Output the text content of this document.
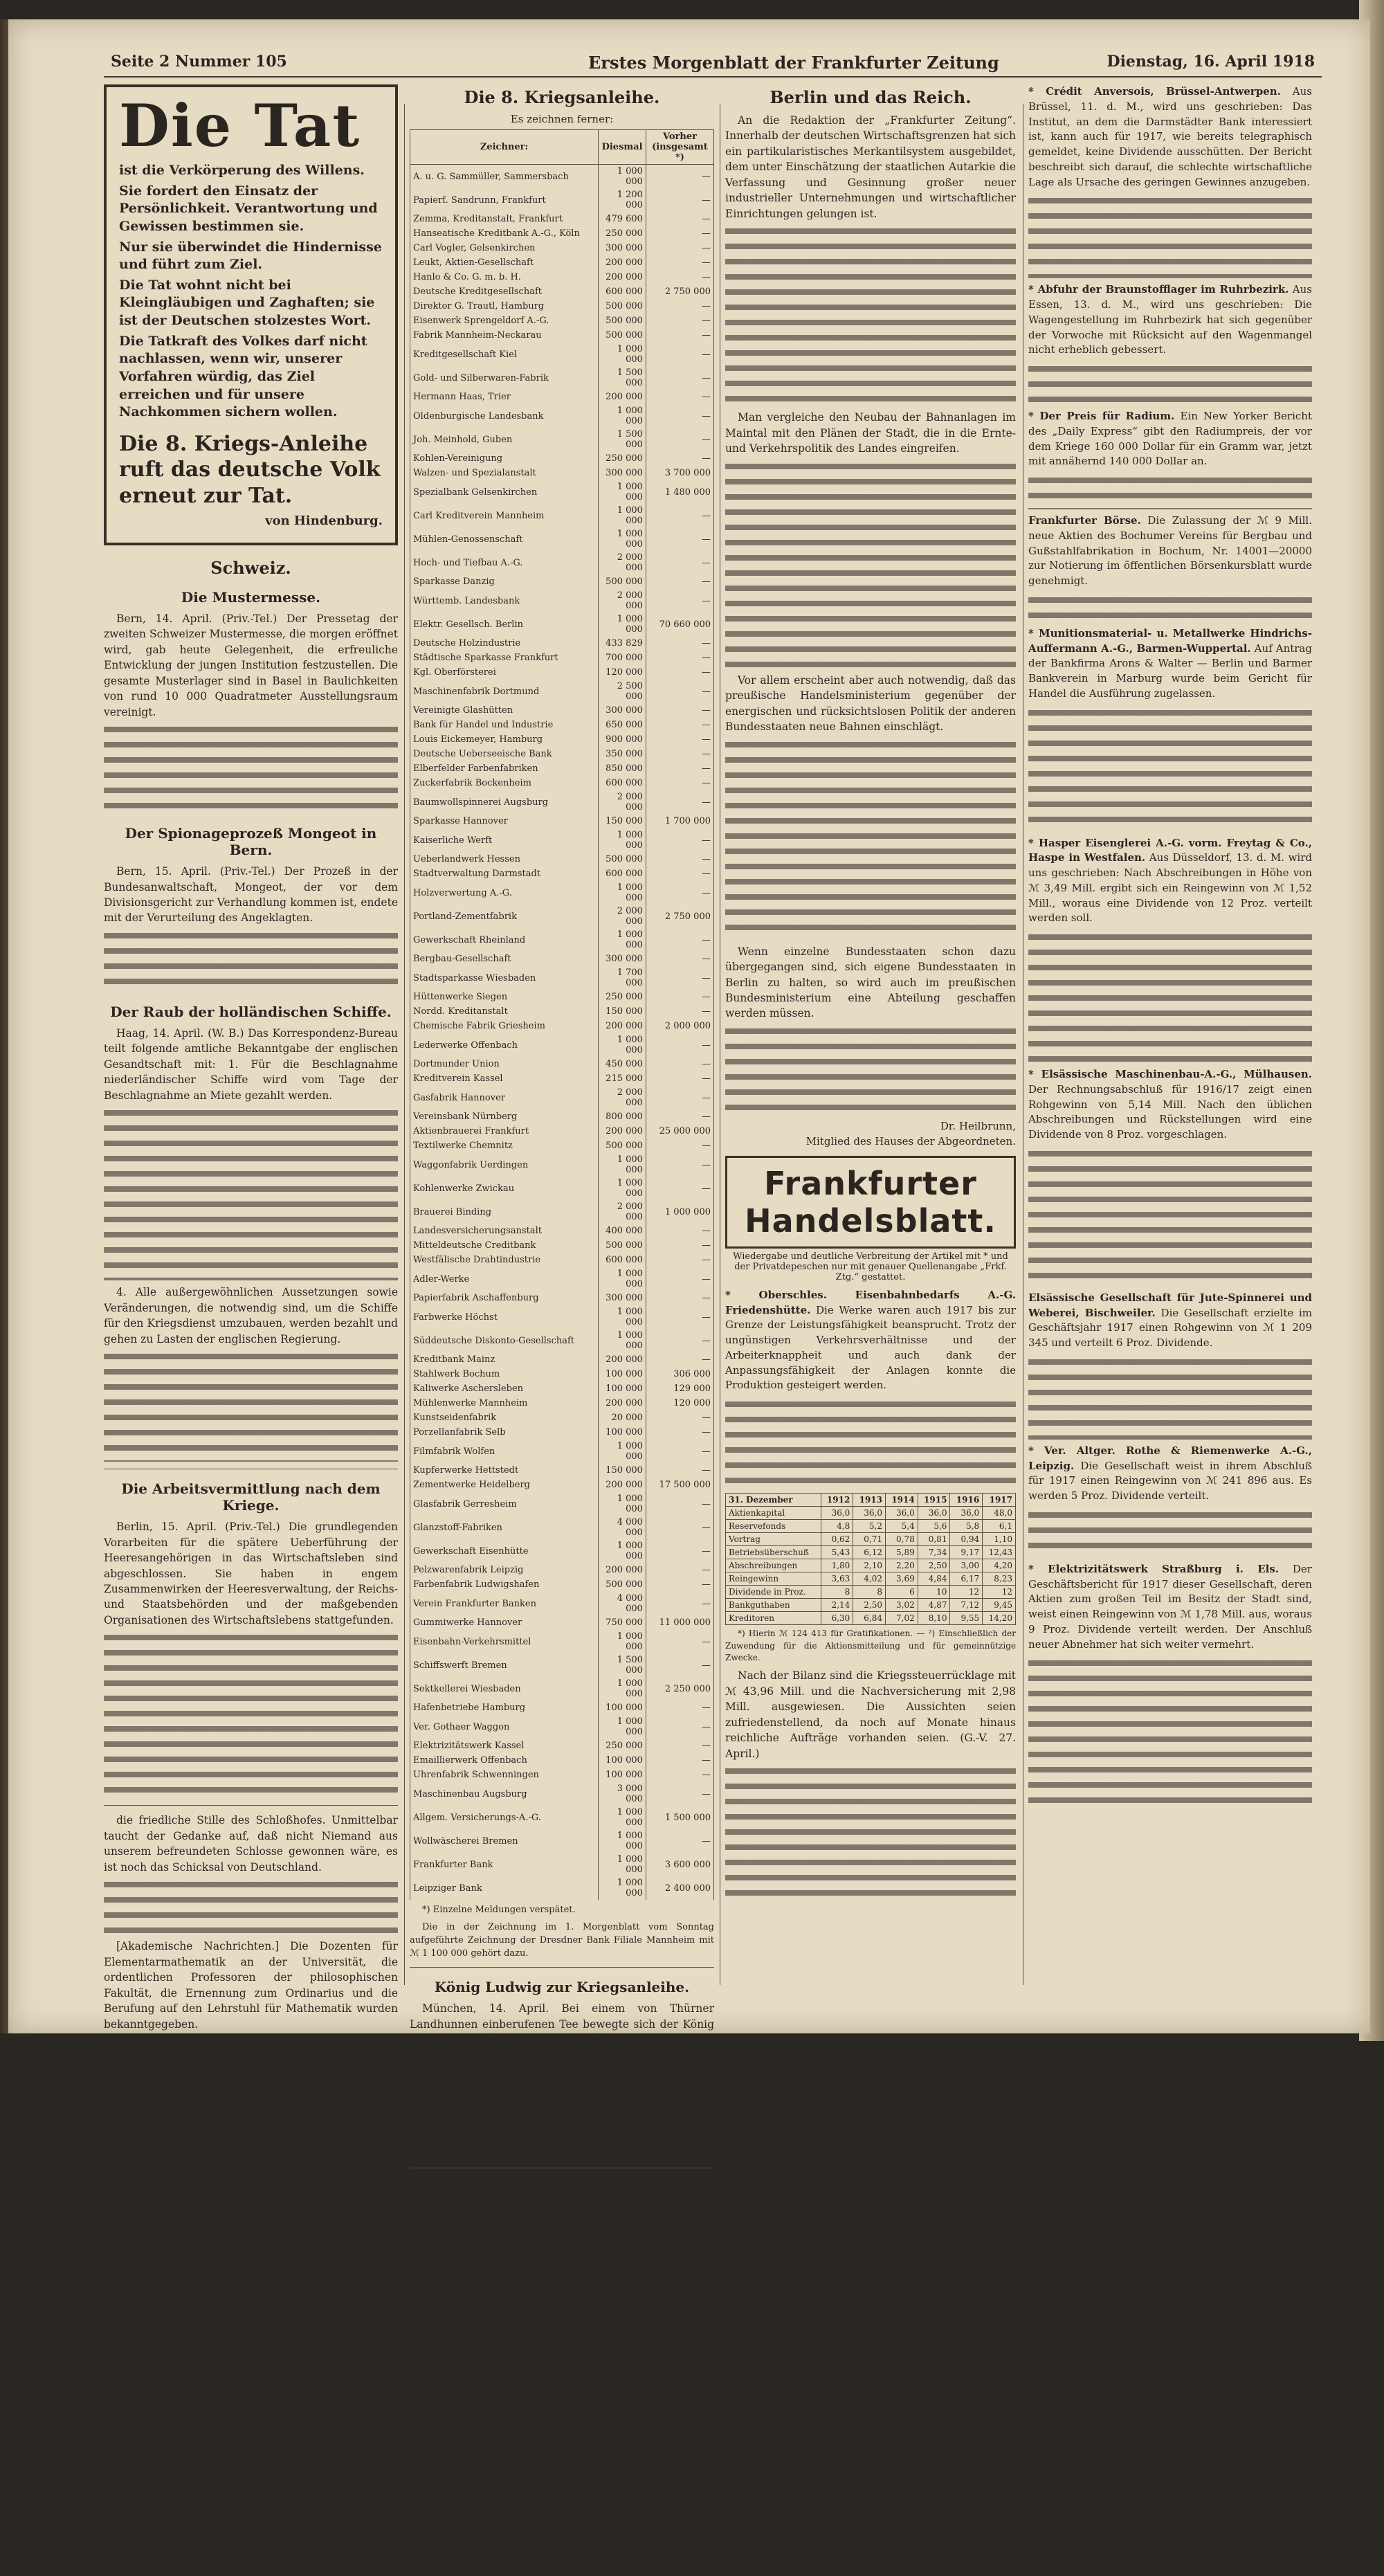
Seite 2 Nummer 105	Erstes Morgenblatt der Frankfurter Zeitung	Dienstag, 16. April 1918
Die Tat

ist die Verkörperung des Willens.

Sie fordert den Einsatz der Persönlichkeit. Verantwortung und Gewissen bestimmen sie.

Nur sie überwindet die Hindernisse und führt zum Ziel.

Die Tat wohnt nicht bei Kleingläubigen und Zaghaften; sie ist der Deutschen stolzestes Wort.

Die Tatkraft des Volkes darf nicht nachlassen, wenn wir, unserer Vorfahren würdig, das Ziel erreichen und für unsere Nachkommen sichern wollen.

Die 8. Kriegs-Anleihe ruft das deutsche Volk erneut zur Tat.

von Hindenburg.

Schweiz.
Die Mustermesse.

Bern, 14. April. (Priv.-Tel.) Der Pressetag der zweiten Schweizer Mustermesse, die morgen eröffnet wird, gab heute Gelegenheit, die erfreuliche Entwicklung der jungen Institution festzustellen. Die gesamte Musterlager sind in Basel in Baulichkeiten von rund 10 000 Quadratmeter Ausstellungsraum vereinigt.

Der Spionageprozeß Mongeot in Bern.

Bern, 15. April. (Priv.-Tel.) Der Prozeß in der Bundesanwaltschaft, Mongeot, der vor dem Divisionsgericht zur Verhandlung kommen ist, endete mit der Verurteilung des Angeklagten.

Der Raub der holländischen Schiffe.

Haag, 14. April. (W. B.) Das Korrespondenz-Bureau teilt folgende amtliche Bekanntgabe der englischen Gesandtschaft mit: 1. Für die Beschlagnahme niederländischer Schiffe wird vom Tage der Beschlagnahme an Miete gezahlt werden.

4. Alle außergewöhnlichen Aussetzungen sowie Veränderungen, die notwendig sind, um die Schiffe für den Kriegsdienst umzubauen, werden bezahlt und gehen zu Lasten der englischen Regierung.

Die Arbeitsvermittlung nach dem Kriege.

Berlin, 15. April. (Priv.-Tel.) Die grundlegenden Vorarbeiten für die spätere Ueberführung der Heeresangehörigen in das Wirtschaftsleben sind abgeschlossen. Sie haben in engem Zusammenwirken der Heeresverwaltung, der Reichs- und Staatsbehörden und der maßgebenden Organisationen des Wirtschaftslebens stattgefunden.

die friedliche Stille des Schloßhofes. Unmittelbar taucht der Gedanke auf, daß nicht Niemand aus unserem befreundeten Schlosse gewonnen wäre, es ist noch das Schicksal von Deutschland.

[Akademische Nachrichten.] Die Dozenten für Elementarmathematik an der Universität, die ordentlichen Professoren der philosophischen Fakultät, die Ernennung zum Ordinarius und die Berufung auf den Lehrstuhl für Mathematik wurden bekanntgegeben.

Die 8. Kriegsanleihe.
Es zeichnen ferner:
Zeichner:	Diesmal	Vorher (insgesamt *)
A. u. G. Sammüller, Sammersbach	1 000 000	—
Papierf. Sandrunn, Frankfurt	1 200 000	—
Zemma, Kreditanstalt, Frankfurt	479 600	—
Hanseatische Kreditbank A.-G., Köln	250 000	—
Carl Vogler, Gelsenkirchen	300 000	—
Leukt, Aktien-Gesellschaft	200 000	—
Hanlo & Co. G. m. b. H.	200 000	—
Deutsche Kreditgesellschaft	600 000	2 750 000
Direktor G. Trautl, Hamburg	500 000	—
Eisenwerk Sprengeldorf A.-G.	500 000	—
Fabrik Mannheim-Neckarau	500 000	—
Kreditgesellschaft Kiel	1 000 000	—
Gold- und Silberwaren-Fabrik	1 500 000	—
Hermann Haas, Trier	200 000	—
Oldenburgische Landesbank	1 000 000	—
Joh. Meinhold, Guben	1 500 000	—
Kohlen-Vereinigung	250 000	—
Walzen- und Spezialanstalt	300 000	3 700 000
Spezialbank Gelsenkirchen	1 000 000	1 480 000
Carl Kreditverein Mannheim	1 000 000	—
Mühlen-Genossenschaft	1 000 000	—
Hoch- und Tiefbau A.-G.	2 000 000	—
Sparkasse Danzig	500 000	—
Württemb. Landesbank	2 000 000	—
Elektr. Gesellsch. Berlin	1 000 000	70 660 000
Deutsche Holzindustrie	433 829	—
Städtische Sparkasse Frankfurt	700 000	—
Kgl. Oberförsterei	120 000	—
Maschinenfabrik Dortmund	2 500 000	—
Vereinigte Glashütten	300 000	—
Bank für Handel und Industrie	650 000	—
Louis Eickemeyer, Hamburg	900 000	—
Deutsche Ueberseeische Bank	350 000	—
Elberfelder Farbenfabriken	850 000	—
Zuckerfabrik Bockenheim	600 000	—
Baumwollspinnerei Augsburg	2 000 000	—
Sparkasse Hannover	150 000	1 700 000
Kaiserliche Werft	1 000 000	—
Ueberlandwerk Hessen	500 000	—
Stadtverwaltung Darmstadt	600 000	—
Holzverwertung A.-G.	1 000 000	—
Portland-Zementfabrik	2 000 000	2 750 000
Gewerkschaft Rheinland	1 000 000	—
Bergbau-Gesellschaft	300 000	—
Stadtsparkasse Wiesbaden	1 700 000	—
Hüttenwerke Siegen	250 000	—
Nordd. Kreditanstalt	150 000	—
Chemische Fabrik Griesheim	200 000	2 000 000
Lederwerke Offenbach	1 000 000	—
Dortmunder Union	450 000	—
Kreditverein Kassel	215 000	—
Gasfabrik Hannover	2 000 000	—
Vereinsbank Nürnberg	800 000	—
Aktienbrauerei Frankfurt	200 000	25 000 000
Textilwerke Chemnitz	500 000	—
Waggonfabrik Uerdingen	1 000 000	—
Kohlenwerke Zwickau	1 000 000	—
Brauerei Binding	2 000 000	1 000 000
Landesversicherungsanstalt	400 000	—
Mitteldeutsche Creditbank	500 000	—
Westfälische Drahtindustrie	600 000	—
Adler-Werke	1 000 000	—
Papierfabrik Aschaffenburg	300 000	—
Farbwerke Höchst	1 000 000	—
Süddeutsche Diskonto-Gesellschaft	1 000 000	—
Kreditbank Mainz	200 000	—
Stahlwerk Bochum	100 000	306 000
Kaliwerke Aschersleben	100 000	129 000
Mühlenwerke Mannheim	200 000	120 000
Kunstseidenfabrik	20 000	—
Porzellanfabrik Selb	100 000	—
Filmfabrik Wolfen	1 000 000	—
Kupferwerke Hettstedt	150 000	—
Zementwerke Heidelberg	200 000	17 500 000
Glasfabrik Gerresheim	1 000 000	—
Glanzstoff-Fabriken	4 000 000	—
Gewerkschaft Eisenhütte	1 000 000	—
Pelzwarenfabrik Leipzig	200 000	—
Farbenfabrik Ludwigshafen	500 000	—
Verein Frankfurter Banken	4 000 000	—
Gummiwerke Hannover	750 000	11 000 000
Eisenbahn-Verkehrsmittel	1 000 000	—
Schiffswerft Bremen	1 500 000	—
Sektkellerei Wiesbaden	1 000 000	2 250 000
Hafenbetriebe Hamburg	100 000	—
Ver. Gothaer Waggon	1 000 000	—
Elektrizitätswerk Kassel	250 000	—
Emaillierwerk Offenbach	100 000	—
Uhrenfabrik Schwenningen	100 000	—
Maschinenbau Augsburg	3 000 000	—
Allgem. Versicherungs-A.-G.	1 000 000	1 500 000
Wollwäscherei Bremen	1 000 000	—
Frankfurter Bank	1 000 000	3 600 000
Leipziger Bank	1 000 000	2 400 000

*) Einzelne Meldungen verspätet.

Die in der Zeichnung im 1. Morgenblatt vom Sonntag aufgeführte Zeichnung der Dresdner Bank Filiale Mannheim mit ℳ 1 100 000 gehört dazu.

König Ludwig zur Kriegsanleihe.

München, 14. April. Bei einem von Thürner Landhunnen einberufenen Tee bewegte sich der König als freundlicher Gast unter den Teilnehmern. Die Kriegsanleihe sei ein Gebot der Stunde; Geben sei eine vaterländische Pflicht. Was wir zu erfüllen haben, müsse auch geleistet werden.

Vergünstigungen für Anleihezeichner.

Die Zahl der und behufs Zeichnung erworbenen Firmen, die durch Vergünstigungen ihre Angestellten zur Zeichnung der 8. Kriegsanleihe anspornen, nimmt immer zu. Die Kriegsanleihe wird in Frankfurt a. M. Angestellten von Firmen, die sich hieran beteiligen, Vorschüsse zu günstigen Bedingungen gewährt.

Berlin und das Reich.

An die Redaktion der „Frankfurter Zeitung“. Innerhalb der deutschen Wirtschaftsgrenzen hat sich ein partikularistisches Merkantilsystem ausgebildet, dem unter Einschätzung der staatlichen Autarkie die Verfassung und Gesinnung großer neuer industrieller Unternehmungen und wirtschaftlicher Einrichtungen gelungen ist.

Man vergleiche den Neubau der Bahnanlagen im Maintal mit den Plänen der Stadt, die in die Ernte- und Verkehrspolitik des Landes eingreifen.

Vor allem erscheint aber auch notwendig, daß das preußische Handelsministerium gegenüber der energischen und rücksichtslosen Politik der anderen Bundesstaaten neue Bahnen einschlägt.

Wenn einzelne Bundesstaaten schon dazu übergegangen sind, sich eigene Bundesstaaten in Berlin zu halten, so wird auch im preußischen Bundesministerium eine Abteilung geschaffen werden müssen.

Dr. Heilbrunn,
Mitglied des Hauses der Abgeordneten.
Frankfurter Handelsblatt.
Wiedergabe und deutliche Verbreitung der Artikel mit * und der Privatdepeschen nur mit genauer Quellenangabe „Frkf. Ztg.“ gestattet.

* Oberschles. Eisenbahnbedarfs A.-G. Friedenshütte. Die Werke waren auch 1917 bis zur Grenze der Leistungsfähigkeit beansprucht. Trotz der ungünstigen Verkehrsverhältnisse und der Arbeiterknappheit und auch dank der Anpassungsfähigkeit der Anlagen konnte die Produktion gesteigert werden.

31. Dezember	1912	1913	1914	1915	1916	1917
Aktienkapital	36,0	36,0	36,0	36,0	36,0	48,0
Reservefonds	4,8	5,2	5,4	5,6	5,8	6,1
Vortrag	0,62	0,71	0,78	0,81	0,94	1,10
Betriebsüberschuß	5,43	6,12	5,89	7,34	9,17	12,43
Abschreibungen	1,80	2,10	2,20	2,50	3,00	4,20
Reingewinn	3,63	4,02	3,69	4,84	6,17	8,23
Dividende in Proz.	8	8	6	10	12	12
Bankguthaben	2,14	2,50	3,02	4,87	7,12	9,45
Kreditoren	6,30	6,84	7,02	8,10	9,55	14,20

*) Hierin ℳ 124 413 für Gratifikationen. — ²) Einschließlich der Zuwendung für die Aktionsmitteilung und für gemeinnützige Zwecke.

Nach der Bilanz sind die Kriegssteuerrücklage mit ℳ 43,96 Mill. und die Nachversicherung mit 2,98 Mill. ausgewiesen. Die Aussichten seien zufriedenstellend, da noch auf Monate hinaus reichliche Aufträge vorhanden seien. (G.-V. 27. April.)

* Crédit Anversois, Brüssel-Antwerpen. Aus Brüssel, 11. d. M., wird uns geschrieben: Das Institut, an dem die Darmstädter Bank interessiert ist, kann auch für 1917, wie bereits telegraphisch gemeldet, keine Dividende ausschütten. Der Bericht beschreibt sich darauf, die schlechte wirtschaftliche Lage als Ursache des geringen Gewinnes anzugeben.

* Abfuhr der Braunstofflager im Ruhrbezirk. Aus Essen, 13. d. M., wird uns geschrieben: Die Wagengestellung im Ruhrbezirk hat sich gegenüber der Vorwoche mit Rücksicht auf den Wagenmangel nicht erheblich gebessert.

* Der Preis für Radium. Ein New Yorker Bericht des „Daily Express“ gibt den Radiumpreis, der vor dem Kriege 160 000 Dollar für ein Gramm war, jetzt mit annähernd 140 000 Dollar an.

Frankfurter Börse. Die Zulassung der ℳ 9 Mill. neue Aktien des Bochumer Vereins für Bergbau und Gußstahlfabrikation in Bochum, Nr. 14001—20000 zur Notierung im öffentlichen Börsenkursblatt wurde genehmigt.

* Munitionsmaterial- u. Metallwerke Hindrichs-Auffermann A.-G., Barmen-Wuppertal. Auf Antrag der Bankfirma Arons & Walter — Berlin und Barmer Bankverein in Marburg wurde beim Gericht für Handel die Ausführung zugelassen.

* Hasper Eisenglerei A.-G. vorm. Freytag & Co., Haspe in Westfalen. Aus Düsseldorf, 13. d. M. wird uns geschrieben: Nach Abschreibungen in Höhe von ℳ 3,49 Mill. ergibt sich ein Reingewinn von ℳ 1,52 Mill., woraus eine Dividende von 12 Proz. verteilt werden soll.

* Elsässische Maschinenbau-A.-G., Mülhausen. Der Rechnungsabschluß für 1916/17 zeigt einen Rohgewinn von 5,14 Mill. Nach den üblichen Abschreibungen und Rückstellungen wird eine Dividende von 8 Proz. vorgeschlagen.

Elsässische Gesellschaft für Jute-Spinnerei und Weberei, Bischweiler. Die Gesellschaft erzielte im Geschäftsjahr 1917 einen Rohgewinn von ℳ 1 209 345 und verteilt 6 Proz. Dividende.

* Ver. Altger. Rothe & Riemenwerke A.-G., Leipzig. Die Gesellschaft weist in ihrem Abschluß für 1917 einen Reingewinn von ℳ 241 896 aus. Es werden 5 Proz. Dividende verteilt.

* Elektrizitätswerk Straßburg i. Els. Der Geschäftsbericht für 1917 dieser Gesellschaft, deren Aktien zum großen Teil im Besitz der Stadt sind, weist einen Reingewinn von ℳ 1,78 Mill. aus, woraus 9 Proz. Dividende verteilt werden. Der Anschluß neuer Abnehmer hat sich weiter vermehrt.
